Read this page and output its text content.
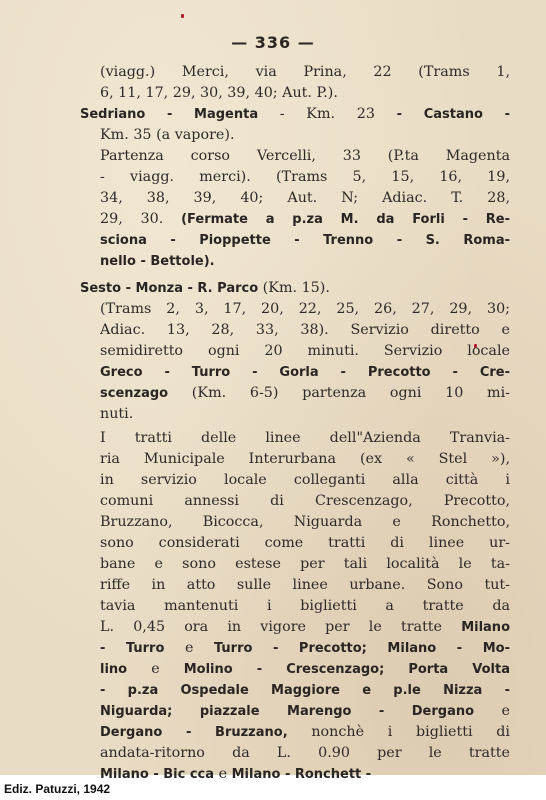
— 336 —
(viagg.) Merci, via Prina, 22 (Trams 1,
6, 11, 17, 29, 30, 39, 40; Aut. P.).
Sedriano - Magenta - Km. 23 - Castano -
Km. 35 (a vapore).
Partenza corso Vercelli, 33 (P.ta Magenta
- viagg. merci). (Trams 5, 15, 16, 19,
34, 38, 39, 40; Aut. N; Adiac. T. 28,
29, 30. (Fermate a p.za M. da Forli - Re-
sciona - Pioppette - Trenno - S. Roma-
nello - Bettole).
Sesto - Monza - R. Parco (Km. 15).
(Trams 2, 3, 17, 20, 22, 25, 26, 27, 29, 30;
Adiac. 13, 28, 33, 38). Servizio diretto e
semidiretto ogni 20 minuti. Servizio locale
Greco - Turro - Gorla - Precotto - Cre-
scenzago (Km. 6-5) partenza ogni 10 mi-
nuti.
I tratti delle linee dell"Azienda Tranvia-
ria Municipale Interurbana (ex « Stel »),
in servizio locale colleganti alla città i
comuni annessi di Crescenzago, Precotto,
Bruzzano, Bicocca, Niguarda e Ronchetto,
sono considerati come tratti di linee ur-
bane e sono estese per tali località le ta-
riffe in atto sulle linee urbane. Sono tut-
tavia mantenuti i biglietti a tratte da
L. 0,45 ora in vigore per le tratte Milano
- Turro e Turro - Precotto; Milano - Mo-
lino e Molino - Crescenzago; Porta Volta
- p.za Ospedale Maggiore e p.le Nizza -
Niguarda; piazzale Marengo - Dergano e
Dergano - Bruzzano, nonchè i biglietti di
andata-ritorno da L. 0.90 per le tratte
Milano - Bic cca e Milano - Ronchett -
Ediz. Patuzzi, 1942
